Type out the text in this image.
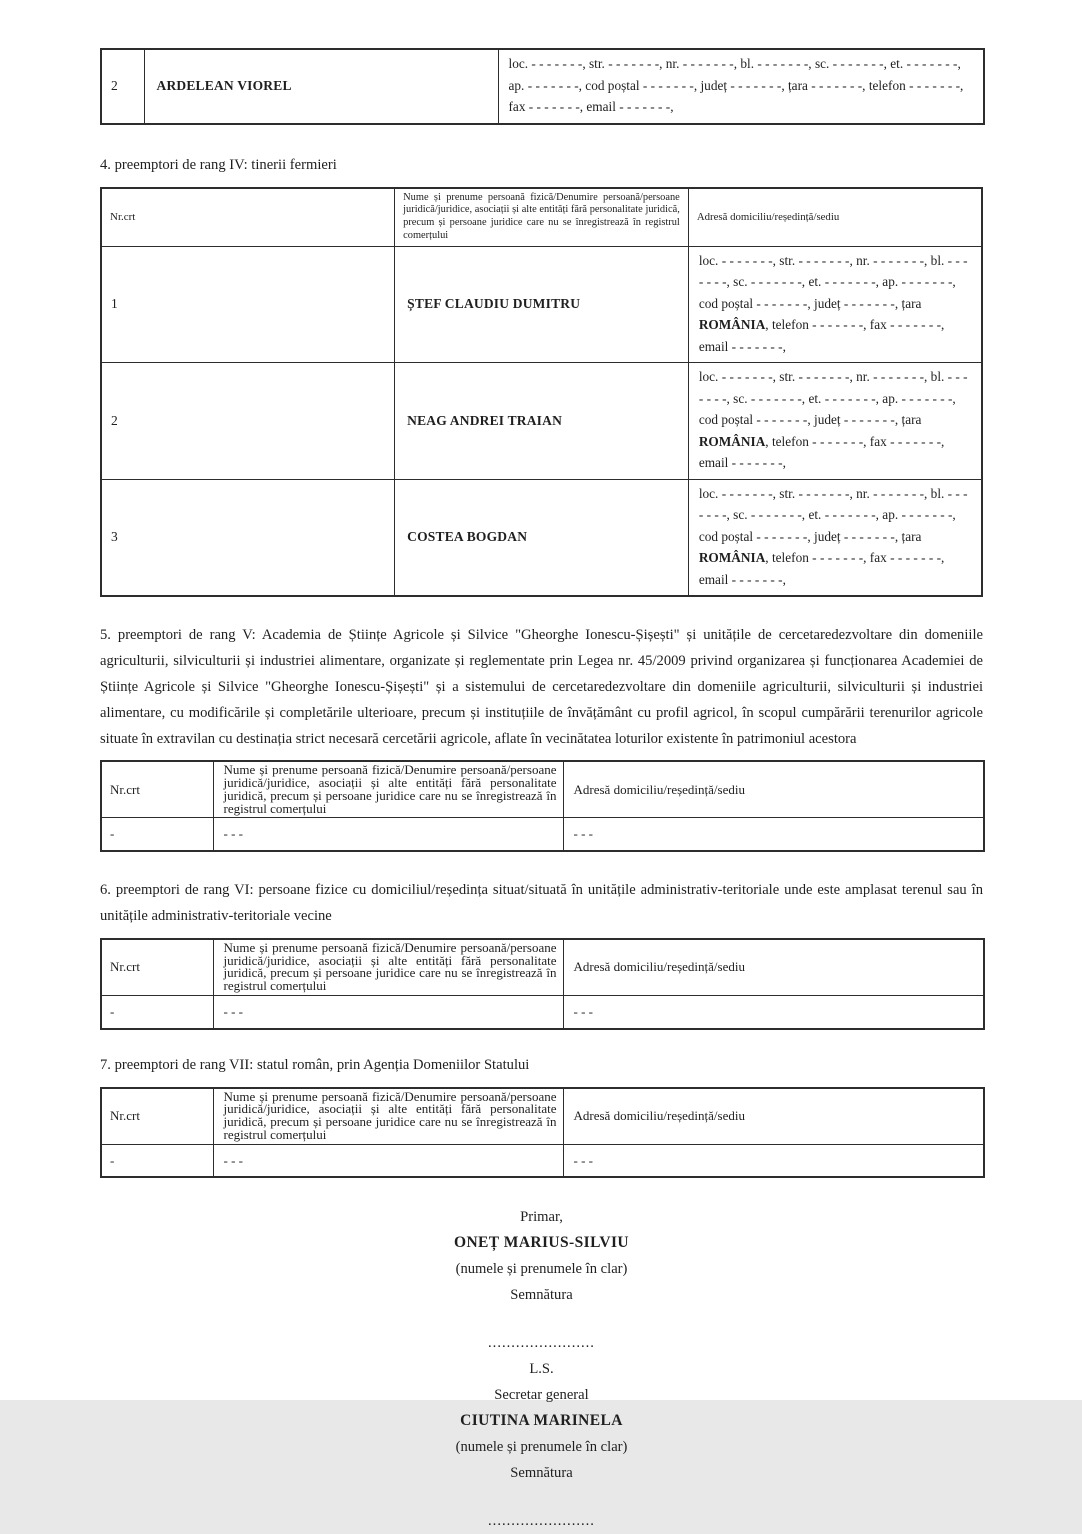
2	ARDELEAN VIOREL	loc. - - - - - - -, str. - - - - - - -, nr. - - - - - - -, bl. - - - - - - -, sc. - - - - - - -, et. - - - - - - -, ap. - - - - - - -, cod poștal - - - - - - -, județ - - - - - - -, țara - - - - - - -, telefon - - - - - - -, fax - - - - - - -, email - - - - - - -,

4. preemptori de rang IV: tinerii fermieri

Nr.crt	Nume și prenume persoană fizică/Denumire persoană/persoane juridică/juridice, asociații și alte entități fără personalitate juridică, precum și persoane juridice care nu se înregistrează în registrul comerțului	Adresă domiciliu/reședință/sediu
1	ȘTEF CLAUDIU DUMITRU	loc. - - - - - - -, str. - - - - - - -, nr. - - - - - - -, bl. - - - - - - -, sc. - - - - - - -, et. - - - - - - -, ap. - - - - - - -, cod poștal - - - - - - -, județ - - - - - - -, țara ROMÂNIA, telefon - - - - - - -, fax - - - - - - -, email - - - - - - -,
2	NEAG ANDREI TRAIAN	loc. - - - - - - -, str. - - - - - - -, nr. - - - - - - -, bl. - - - - - - -, sc. - - - - - - -, et. - - - - - - -, ap. - - - - - - -, cod poștal - - - - - - -, județ - - - - - - -, țara ROMÂNIA, telefon - - - - - - -, fax - - - - - - -, email - - - - - - -,
3	COSTEA BOGDAN	loc. - - - - - - -, str. - - - - - - -, nr. - - - - - - -, bl. - - - - - - -, sc. - - - - - - -, et. - - - - - - -, ap. - - - - - - -, cod poștal - - - - - - -, județ - - - - - - -, țara ROMÂNIA, telefon - - - - - - -, fax - - - - - - -, email - - - - - - -,

5. preemptori de rang V: Academia de Științe Agricole și Silvice "Gheorghe Ionescu-Șișești" și unitățile de cercetaredezvoltare din domeniile agriculturii, silviculturii și industriei alimentare, organizate și reglementate prin Legea nr. 45/2009 privind organizarea și funcționarea Academiei de Științe Agricole și Silvice "Gheorghe Ionescu-Șișești" și a sistemului de cercetaredezvoltare din domeniile agriculturii, silviculturii și industriei alimentare, cu modificările și completările ulterioare, precum și instituțiile de învățământ cu profil agricol, în scopul cumpărării terenurilor agricole situate în extravilan cu destinația strict necesară cercetării agricole, aflate în vecinătatea loturilor existente în patrimoniul acestora

Nr.crt	Nume și prenume persoană fizică/Denumire persoană/persoane juridică/juridice, asociații și alte entități fără personalitate juridică, precum și persoane juridice care nu se înregistrează în registrul comerțului	Adresă domiciliu/reședință/sediu
-	- - -	- - -

6. preemptori de rang VI: persoane fizice cu domiciliul/reședința situat/situată în unitățile administrativ-teritoriale unde este amplasat terenul sau în unitățile administrativ-teritoriale vecine

Nr.crt	Nume și prenume persoană fizică/Denumire persoană/persoane juridică/juridice, asociații și alte entități fără personalitate juridică, precum și persoane juridice care nu se înregistrează în registrul comerțului	Adresă domiciliu/reședință/sediu
-	- - -	- - -

7. preemptori de rang VII: statul român, prin Agenția Domeniilor Statului

Nr.crt	Nume și prenume persoană fizică/Denumire persoană/persoane juridică/juridice, asociații și alte entități fără personalitate juridică, precum și persoane juridice care nu se înregistrează în registrul comerțului	Adresă domiciliu/reședință/sediu
-	- - -	- - -
Primar,
ONEȚ MARIUS-SILVIU
(numele și prenumele în clar)
Semnătura
.......................
L.S.
Secretar general
CIUTINA MARINELA
(numele și prenumele în clar)
Semnătura
.......................
